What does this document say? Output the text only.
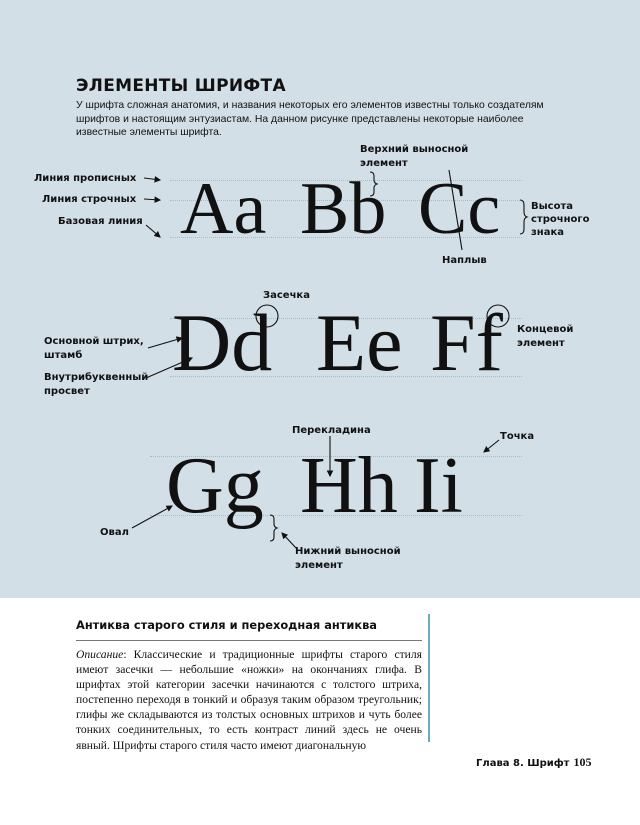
ЭЛЕМЕНТЫ ШРИФТА

У шрифта сложная анатомия, и названия некоторых его элементов известны только создателям шрифтов и настоящим энтузиастам. На данном рисунке представлены некоторые наиболее известные элементы шрифта.

Aa Bb Cc
Dd Ee Ff
Gg Hh Ii
Линия прописных
Линия строчных
Базовая линия
Верхний выносной
элемент
Высота
строчного
знака
Наплыв
Засечка
Основной штрих,
штамб
Внутрибуквенный
просвет
Концевой
элемент
Перекладина
Точка
Овал
Нижний выносной
элемент
Антиква старого стиля и переходная антиква

Описание: Классические и традиционные шрифты старого стиля имеют засечки — небольшие «ножки» на окончаниях глифа. В шрифтах этой категории засечки начинаются с толстого штриха, постепенно переходя в тонкий и образуя таким образом треугольник; глифы же складываются из толстых основных штрихов и чуть более тонких соединительных, то есть контраст линий здесь не очень явный. Шрифты старого стиля часто имеют диагональную

Глава 8. Шрифт 105
